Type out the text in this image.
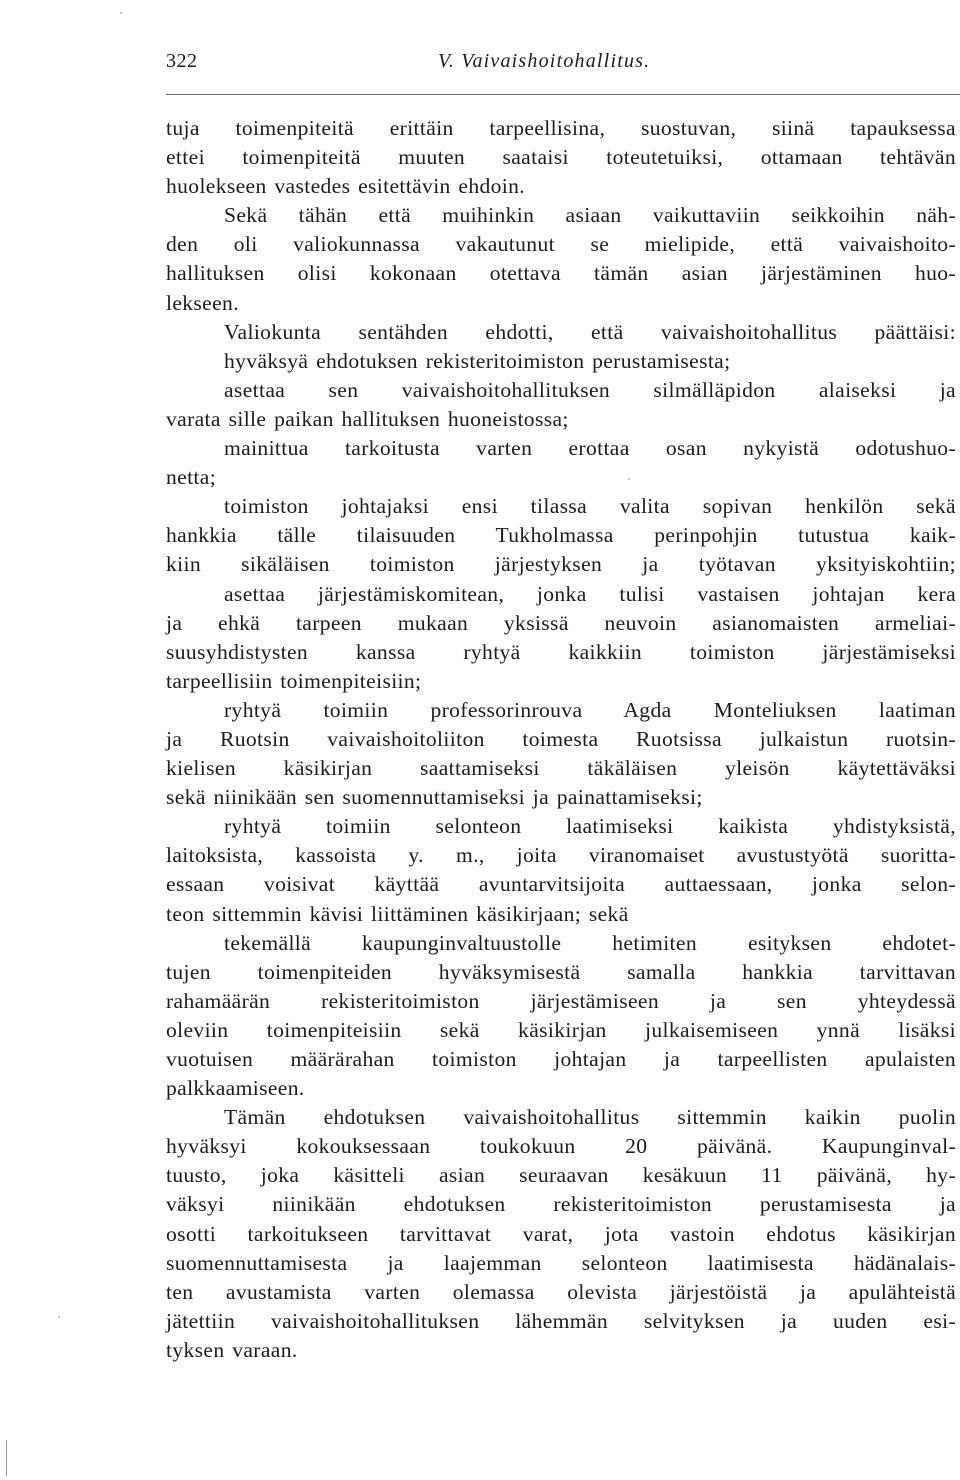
322	V. Vaivaishoitohallitus.
tuja toimenpiteitä erittäin tarpeellisina, suostuvan, siinä tapauksessa
ettei toimenpiteitä muuten saataisi toteutetuiksi, ottamaan tehtävän
huolekseen vastedes esitettävin ehdoin.
Sekä tähän että muihinkin asiaan vaikuttaviin seikkoihin näh-
den oli valiokunnassa vakautunut se mielipide, että vaivaishoito-
hallituksen olisi kokonaan otettava tämän asian järjestäminen huo-
lekseen.
Valiokunta sentähden ehdotti, että vaivaishoitohallitus päättäisi:
hyväksyä ehdotuksen rekisteritoimiston perustamisesta;
asettaa sen vaivaishoitohallituksen silmälläpidon alaiseksi ja
varata sille paikan hallituksen huoneistossa;
mainittua tarkoitusta varten erottaa osan nykyistä odotushuo-
netta;
toimiston johtajaksi ensi tilassa valita sopivan henkilön sekä
hankkia tälle tilaisuuden Tukholmassa perinpohjin tutustua kaik-
kiin sikäläisen toimiston järjestyksen ja työtavan yksityiskohtiin;
asettaa järjestämiskomitean, jonka tulisi vastaisen johtajan kera
ja ehkä tarpeen mukaan yksissä neuvoin asianomaisten armeliai-
suusyhdistysten kanssa ryhtyä kaikkiin toimiston järjestämiseksi
tarpeellisiin toimenpiteisiin;
ryhtyä toimiin professorinrouva Agda Monteliuksen laatiman
ja Ruotsin vaivaishoitoliiton toimesta Ruotsissa julkaistun ruotsin-
kielisen käsikirjan saattamiseksi täkäläisen yleisön käytettäväksi
sekä niinikään sen suomennuttamiseksi ja painattamiseksi;
ryhtyä toimiin selonteon laatimiseksi kaikista yhdistyksistä,
laitoksista, kassoista y. m., joita viranomaiset avustustyötä suoritta-
essaan voisivat käyttää avuntarvitsijoita auttaessaan, jonka selon-
teon sittemmin kävisi liittäminen käsikirjaan; sekä
tekemällä kaupunginvaltuustolle hetimiten esityksen ehdotet-
tujen toimenpiteiden hyväksymisestä samalla hankkia tarvittavan
rahamäärän rekisteritoimiston järjestämiseen ja sen yhteydessä
oleviin toimenpiteisiin sekä käsikirjan julkaisemiseen ynnä lisäksi
vuotuisen määrärahan toimiston johtajan ja tarpeellisten apulaisten
palkkaamiseen.
Tämän ehdotuksen vaivaishoitohallitus sittemmin kaikin puolin
hyväksyi kokouksessaan toukokuun 20 päivänä. Kaupunginval-
tuusto, joka käsitteli asian seuraavan kesäkuun 11 päivänä, hy-
väksyi niinikään ehdotuksen rekisteritoimiston perustamisesta ja
osotti tarkoitukseen tarvittavat varat, jota vastoin ehdotus käsikirjan
suomennuttamisesta ja laajemman selonteon laatimisesta hädänalais-
ten avustamista varten olemassa olevista järjestöistä ja apulähteistä
jätettiin vaivaishoitohallituksen lähemmän selvityksen ja uuden esi-
tyksen varaan.
